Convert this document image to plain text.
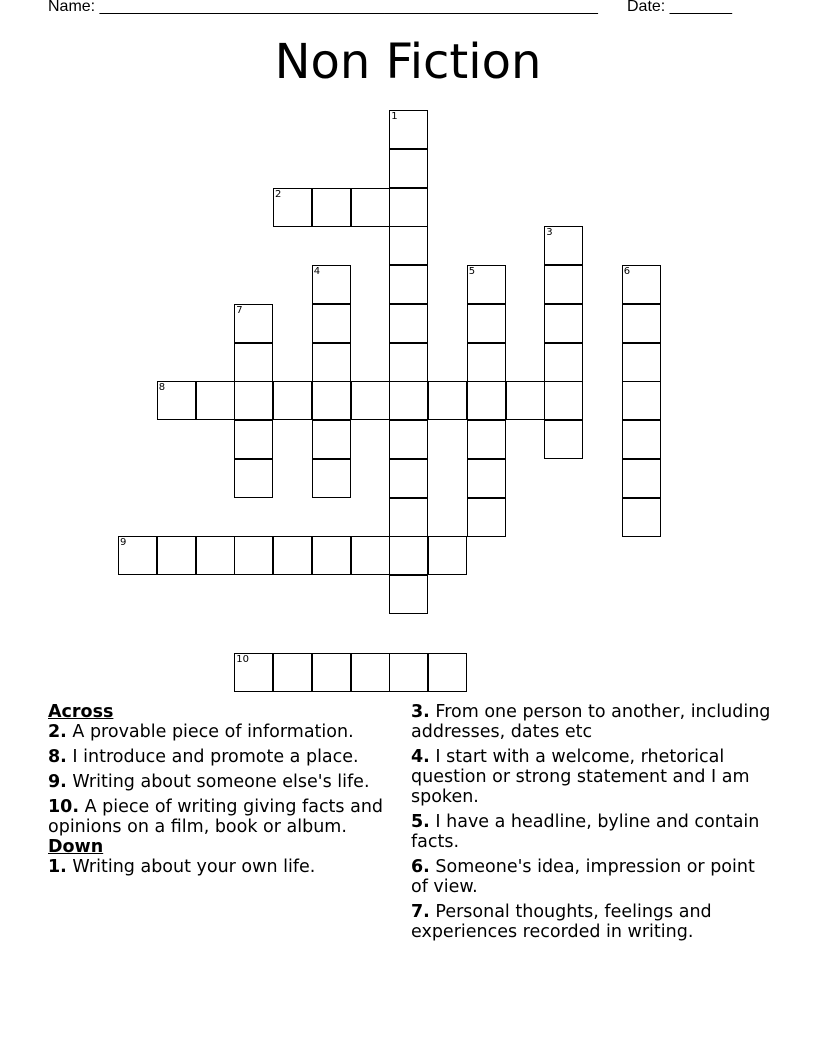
Name: ________________________________________________________ Date: _______
Non Fiction
1
2
3
4	5	6
7
8
9
10

Across

2. A provable piece of information.

8. I introduce and promote a place.

9. Writing about someone else's life.

10. A piece of writing giving facts and opinions on a film, book or album.

Down

1. Writing about your own life.

3. From one person to another, including addresses, dates etc

4. I start with a welcome, rhetorical question or strong statement and I am spoken.

5. I have a headline, byline and contain facts.

6. Someone's idea, impression or point of view.

7. Personal thoughts, feelings and experiences recorded in writing.
